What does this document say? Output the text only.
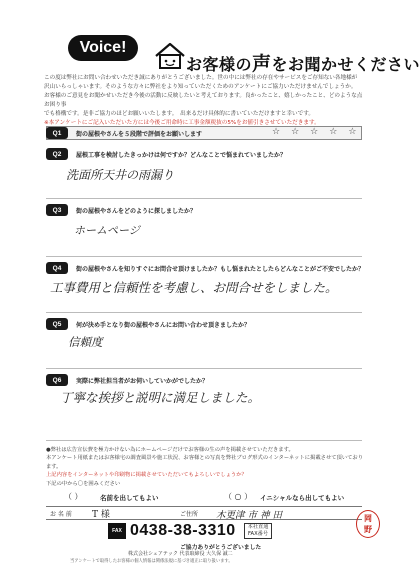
Voice!
お客様の声をお聞かせください

この度は弊社にお問い合わせいただき誠にありがとうございました。世の中には弊社の存在やサービスをご存知ない各地様が

沢山いらっしゃいます。そのような方々に弊社をより知っていただくためのアンケートにご協力いただけませんでしょうか。

お客様のご意見をお聞かせいただき今後の活動に反映したいと考えております。良かったこと、嬉しかったこと、どのような点お困り事

でも格構です。是非ご協力のほどお願いいたします。　出来るだけ具体的に書いていただけますと幸いです。

※本アンケートにご記入いただいた方には今後ご用命時に工事金額税抜の5%をお値引きさせていただきます。

Q1	街の屋根やさんを５段階で評価をお願いします	☆ ☆ ☆ ☆ ☆
Q2	屋根工事を検討したきっかけは何ですか？どんなことで悩まれていましたか？
洗面所天井の雨漏り
Q3	街の屋根やさんをどのように探しましたか？
ホームページ
Q4	街の屋根やさんを知りすぐにお問合せ頂けましたか？もし悩まれたとしたらどんなことがご不安でしたか？
工事費用と信頼性を考慮し、お問合せをしました。
Q5	何が決め手となり街の屋根やさんにお問い合わせ頂きましたか？
信頼度
Q6	実際に弊社担当者がお伺いしていかがでしたか？
丁寧な挨拶と説明に満足しました。

●弊社は広告宣伝費を極力かけない為にホームページだけでお客様の生の声を掲載させていただきます。

本アンケート用紙またはお客様宅の調査風景や施工状況、お客様との写真を弊社ブログ形式のインターネットに掲載させて頂いております。

上記内容をインターネットや印刷物に掲載させていただいてもよろしいでしょうか？

下記の中から〇を囲みください

（ ）	名前を出してもよい	（ ○ ） イニシャルなら出してもよい
お 名 前 T 様	ご住所 木更津 市 神 田
FAX 0438-38-3310 本社直通
FAX番号
ご協力ありがとうございました
株式会社シェアテック 代表取締役 大久保 誠二
当アンケートで取得したお客様の個人情報は関係法規に基づき適正に取り扱います。
岡
野
